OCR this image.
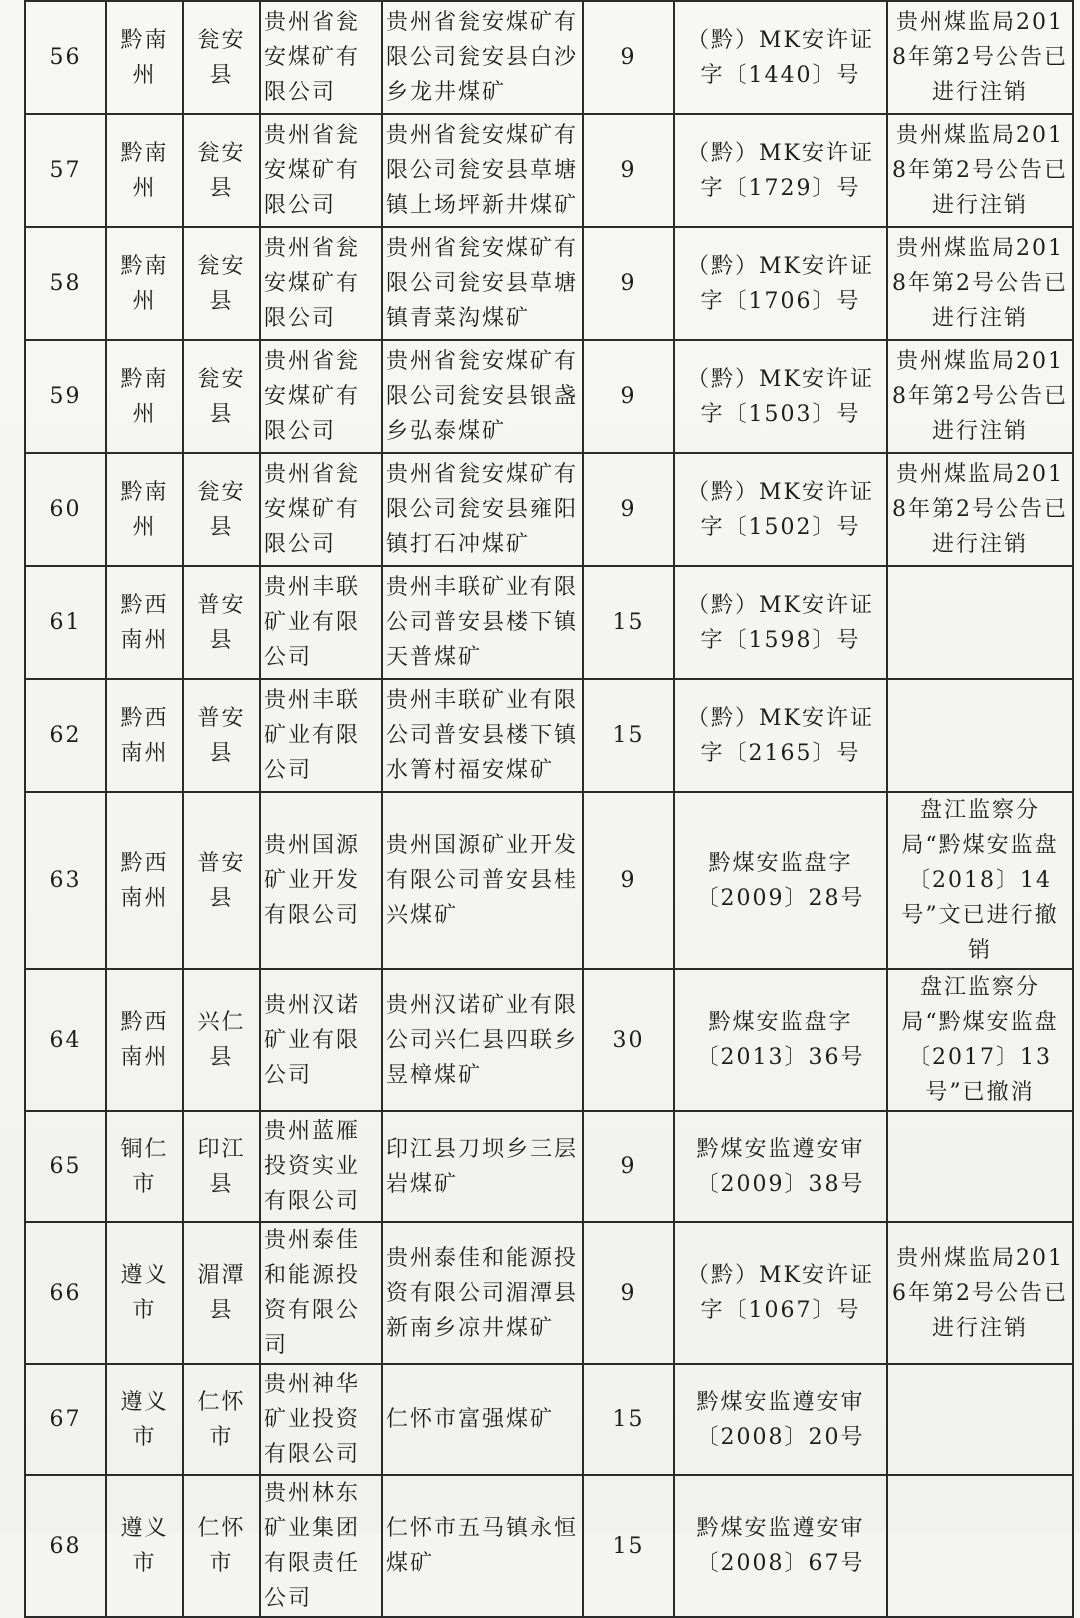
56	黔南州	瓮安县	贵州省瓮安煤矿有限公司	贵州省瓮安煤矿有限公司瓮安县白沙乡龙井煤矿	9	（黔）MK安许证字〔1440〕号	贵州煤监局2018年第2号公告已进行注销
57	黔南州	瓮安县	贵州省瓮安煤矿有限公司	贵州省瓮安煤矿有限公司瓮安县草塘镇上场坪新井煤矿	9	（黔）MK安许证字〔1729〕号	贵州煤监局2018年第2号公告已进行注销
58	黔南州	瓮安县	贵州省瓮安煤矿有限公司	贵州省瓮安煤矿有限公司瓮安县草塘镇青菜沟煤矿	9	（黔）MK安许证字〔1706〕号	贵州煤监局2018年第2号公告已进行注销
59	黔南州	瓮安县	贵州省瓮安煤矿有限公司	贵州省瓮安煤矿有限公司瓮安县银盏乡弘泰煤矿	9	（黔）MK安许证字〔1503〕号	贵州煤监局2018年第2号公告已进行注销
60	黔南州	瓮安县	贵州省瓮安煤矿有限公司	贵州省瓮安煤矿有限公司瓮安县雍阳镇打石冲煤矿	9	（黔）MK安许证字〔1502〕号	贵州煤监局2018年第2号公告已进行注销
61	黔西南州	普安县	贵州丰联矿业有限公司	贵州丰联矿业有限公司普安县楼下镇天普煤矿	15	（黔）MK安许证字〔1598〕号	
62	黔西南州	普安县	贵州丰联矿业有限公司	贵州丰联矿业有限公司普安县楼下镇水箐村福安煤矿	15	（黔）MK安许证字〔2165〕号	
63	黔西南州	普安县	贵州国源矿业开发有限公司	贵州国源矿业开发有限公司普安县桂兴煤矿	9	黔煤安监盘字〔2009〕28号	盘江监察分局“黔煤安监盘〔2018〕14号”文已进行撤销
64	黔西南州	兴仁县	贵州汉诺矿业有限公司	贵州汉诺矿业有限公司兴仁县四联乡昱樟煤矿	30	黔煤安监盘字〔2013〕36号	盘江监察分局“黔煤安监盘〔2017〕13号”已撤消
65	铜仁市	印江县	贵州蓝雁投资实业有限公司	印江县刀坝乡三层岩煤矿	9	黔煤安监遵安审〔2009〕38号	
66	遵义市	湄潭县	贵州泰佳和能源投资有限公司	贵州泰佳和能源投资有限公司湄潭县新南乡凉井煤矿	9	（黔）MK安许证字〔1067〕号	贵州煤监局2016年第2号公告已进行注销
67	遵义市	仁怀市	贵州神华矿业投资有限公司	仁怀市富强煤矿	15	黔煤安监遵安审〔2008〕20号	
68	遵义市	仁怀市	贵州林东矿业集团有限责任公司	仁怀市五马镇永恒煤矿	15	黔煤安监遵安审〔2008〕67号	
